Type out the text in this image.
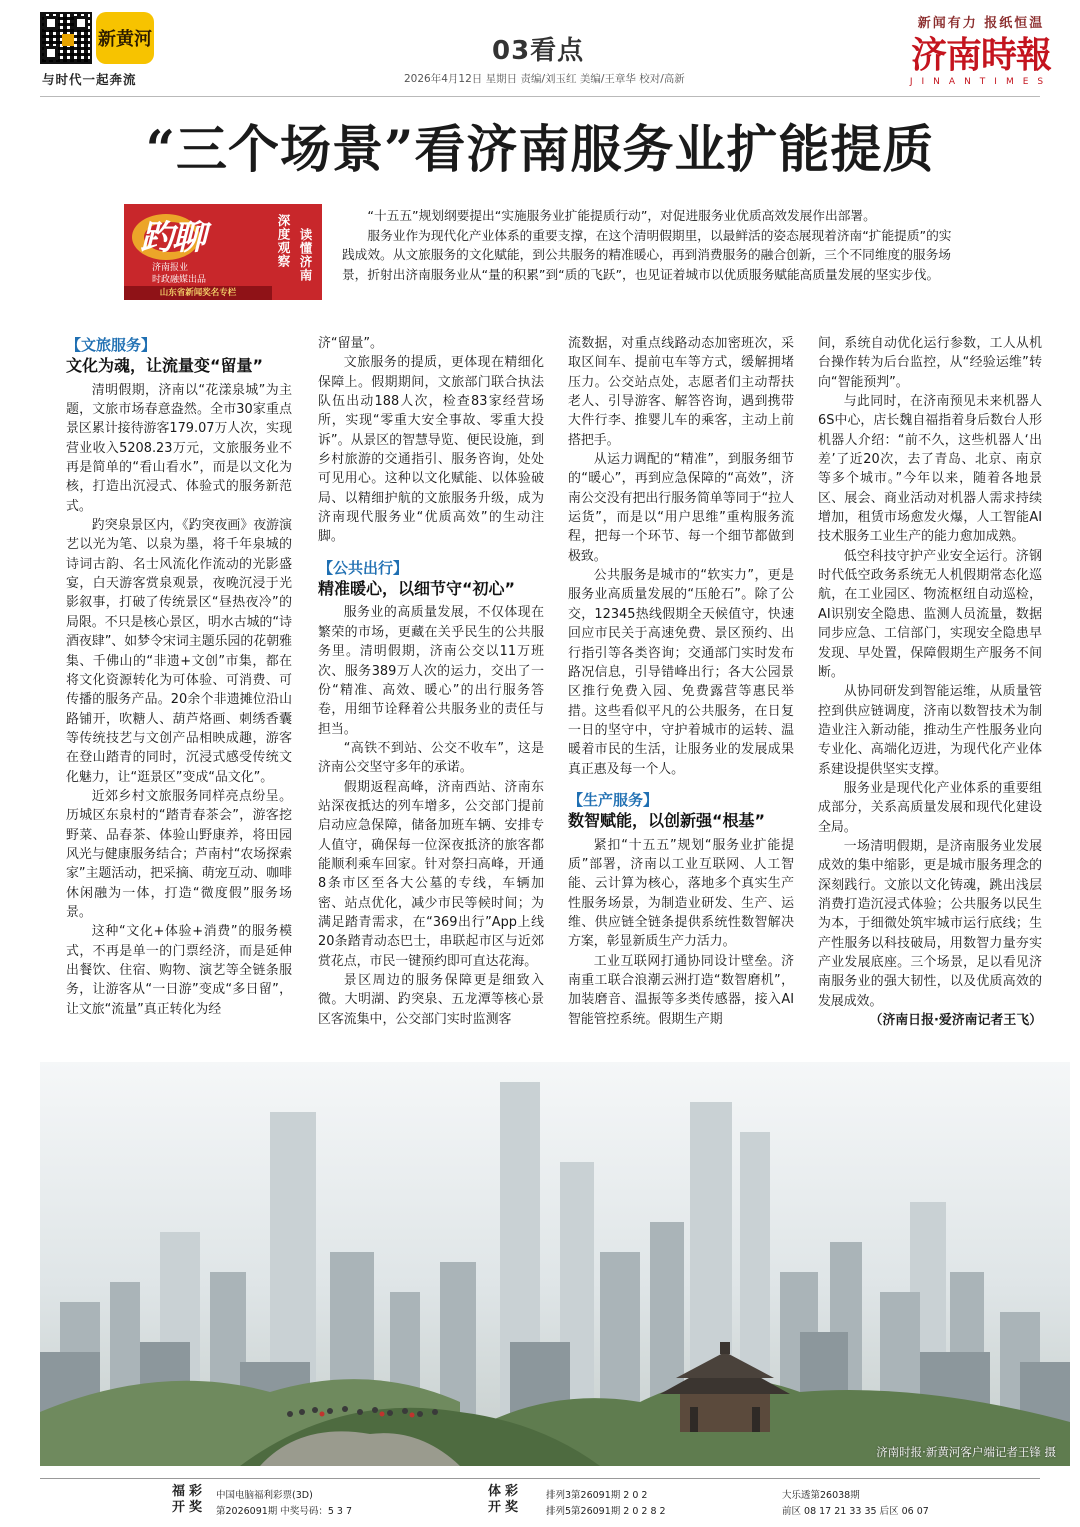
新黄河
与时代一起奔流
03看点
2026年4月12日 星期日 责编/刘玉红 美编/王章华 校对/高新
新闻有力 报纸恒温
济南時報
JINANTIMES
“三个场景”看济南服务业扩能提质
趵聊
济南报业
时政融媒出品
山东省新闻奖名专栏
深度观察 读懂济南

“十五五”规划纲要提出“实施服务业扩能提质行动”，对促进服务业优质高效发展作出部署。

服务业作为现代化产业体系的重要支撑，在这个清明假期里，以最鲜活的姿态展现着济南“扩能提质”的实践成效。从文旅服务的文化赋能，到公共服务的精准暖心，再到消费服务的融合创新，三个不同维度的服务场景，折射出济南服务业从“量的积累”到“质的飞跃”，也见证着城市以优质服务赋能高质量发展的坚实步伐。

【文旅服务】
文化为魂，让流量变“留量”

清明假期，济南以“花漾泉城”为主题，文旅市场春意盎然。全市30家重点景区累计接待游客179.07万人次，实现营业收入5208.23万元，文旅服务业不再是简单的“看山看水”，而是以文化为核，打造出沉浸式、体验式的服务新范式。

趵突泉景区内，《趵突夜画》夜游演艺以光为笔、以泉为墨，将千年泉城的诗词古韵、名士风流化作流动的光影盛宴，白天游客赏泉观景，夜晚沉浸于光影叙事，打破了传统景区“昼热夜冷”的局限。不只是核心景区，明水古城的“诗酒夜肆”、如梦令宋词主题乐园的花朝雅集、千佛山的“非遗+文创”市集，都在将文化资源转化为可体验、可消费、可传播的服务产品。20余个非遗摊位沿山路铺开，吹糖人、葫芦烙画、刺绣香囊等传统技艺与文创产品相映成趣，游客在登山踏青的同时，沉浸式感受传统文化魅力，让“逛景区”变成“品文化”。

近郊乡村文旅服务同样亮点纷呈。历城区东泉村的“踏青春茶会”，游客挖野菜、品春茶、体验山野康养，将田园风光与健康服务结合；芦南村“农场探索家”主题活动，把采摘、萌宠互动、咖啡休闲融为一体，打造“微度假”服务场景。

这种“文化+体验+消费”的服务模式，不再是单一的门票经济，而是延伸出餐饮、住宿、购物、演艺等全链条服务，让游客从“一日游”变成“多日留”，让文旅“流量”真正转化为经

济“留量”。

文旅服务的提质，更体现在精细化保障上。假期期间，文旅部门联合执法队伍出动188人次，检查83家经营场所，实现“零重大安全事故、零重大投诉”。从景区的智慧导览、便民设施，到乡村旅游的交通指引、服务咨询，处处可见用心。这种以文化赋能、以体验破局、以精细护航的文旅服务升级，成为济南现代服务业“优质高效”的生动注脚。

【公共出行】
精准暖心，以细节守“初心”

服务业的高质量发展，不仅体现在繁荣的市场，更藏在关乎民生的公共服务里。清明假期，济南公交以11万班次、服务389万人次的运力，交出了一份“精准、高效、暖心”的出行服务答卷，用细节诠释着公共服务业的责任与担当。

“高铁不到站、公交不收车”，这是济南公交坚守多年的承诺。

假期返程高峰，济南西站、济南东站深夜抵达的列车增多，公交部门提前启动应急保障，储备加班车辆、安排专人值守，确保每一位深夜抵济的旅客都能顺利乘车回家。针对祭扫高峰，开通8条市区至各大公墓的专线，车辆加密、站点优化，减少市民等候时间；为满足踏青需求，在“369出行”App上线20条踏青动态巴士，串联起市区与近郊赏花点，市民一键预约即可直达花海。

景区周边的服务保障更是细致入微。大明湖、趵突泉、五龙潭等核心景区客流集中，公交部门实时监测客

流数据，对重点线路动态加密班次，采取区间车、提前屯车等方式，缓解拥堵压力。公交站点处，志愿者们主动帮扶老人、引导游客、解答咨询，遇到携带大件行李、推婴儿车的乘客，主动上前搭把手。

从运力调配的“精准”，到服务细节的“暖心”，再到应急保障的“高效”，济南公交没有把出行服务简单等同于“拉人运货”，而是以“用户思维”重构服务流程，把每一个环节、每一个细节都做到极致。

公共服务是城市的“软实力”，更是服务业高质量发展的“压舱石”。除了公交，12345热线假期全天候值守，快速回应市民关于高速免费、景区预约、出行指引等各类咨询；交通部门实时发布路况信息，引导错峰出行；各大公园景区推行免费入园、免费露营等惠民举措。这些看似平凡的公共服务，在日复一日的坚守中，守护着城市的运转、温暖着市民的生活，让服务业的发展成果真正惠及每一个人。

【生产服务】
数智赋能，以创新强“根基”

紧扣“十五五”规划“服务业扩能提质”部署，济南以工业互联网、人工智能、云计算为核心，落地多个真实生产性服务场景，为制造业研发、生产、运维、供应链全链条提供系统性数智解决方案，彰显新质生产力活力。

工业互联网打通协同设计壁垒。济南重工联合浪潮云洲打造“数智磨机”，加装磨音、温振等多类传感器，接入AI智能管控系统。假期生产期

间，系统自动优化运行参数，工人从机台操作转为后台监控，从“经验运维”转向“智能预判”。

与此同时，在济南预见未来机器人6S中心，店长魏自福指着身后数台人形机器人介绍：“前不久，这些机器人‘出差’了近20次，去了青岛、北京、南京等多个城市。”今年以来，随着各地景区、展会、商业活动对机器人需求持续增加，租赁市场愈发火爆，人工智能AI技术服务工业生产的能力愈加成熟。

低空科技守护产业安全运行。济钢时代低空政务系统无人机假期常态化巡航，在工业园区、物流枢纽自动巡检，AI识别安全隐患、监测人员流量，数据同步应急、工信部门，实现安全隐患早发现、早处置，保障假期生产服务不间断。

从协同研发到智能运维，从质量管控到供应链调度，济南以数智技术为制造业注入新动能，推动生产性服务业向专业化、高端化迈进，为现代化产业体系建设提供坚实支撑。

服务业是现代化产业体系的重要组成部分，关系高质量发展和现代化建设全局。

一场清明假期，是济南服务业发展成效的集中缩影，更是城市服务理念的深刻践行。文旅以文化铸魂，跳出浅层消费打造沉浸式体验；公共服务以民生为本，于细微处筑牢城市运行底线；生产性服务以科技破局，用数智力量夯实产业发展底座。三个场景，足以看见济南服务业的强大韧性，以及优质高效的发展成效。

（济南日报·爱济南记者王飞）
济南时报·新黄河客户端记者王锋 摄
福彩
开奖
中国电脑福利彩票(3D)
第2026091期 中奖号码：5 3 7
体彩
开奖
排列3第26091期 2 0 2
排列5第26091期 2 0 2 8 2
大乐透第26038期
前区 08 17 21 33 35 后区 06 07
